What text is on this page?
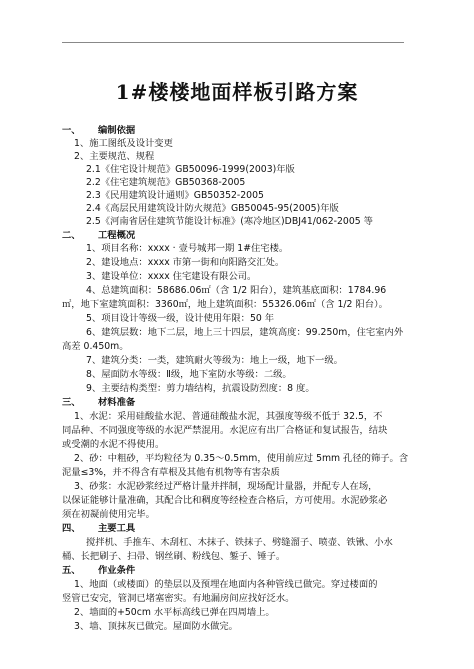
1#楼楼地面样板引路方案
一、 编制依据
1、施工图纸及设计变更
2、主要规范、规程
2.1《住宅设计规范》GB50096-1999(2003)年版
2.2《住宅建筑规范》GB50368-2005
2.3《民用建筑设计通则》GB50352-2005
2.4《高层民用建筑设计防火规范》GB50045-95(2005)年版
2.5《河南省居住建筑节能设计标准》(寒冷地区)DBJ41/062-2005 等
二、 工程概况
1、项目名称：xxxx · 壹号城邦一期 1#住宅楼。
2、建设地点：xxxx 市第一街和向阳路交汇处。
3、建设单位：xxxx 住宅建设有限公司。
4、总建筑面积：58686.06㎡（含 1/2 阳台），建筑基底面积：1784.96
㎡，地下室建筑面积：3360㎡，地上建筑面积：55326.06㎡（含 1/2 阳台）。
5、项目设计等级一级，设计使用年限：50 年
6、建筑层数：地下二层，地上三十四层，建筑高度：99.250m，住宅室内外
高差 0.450m。
7、建筑分类：一类，建筑耐火等级为：地上一级，地下一级。
8、屋面防水等级：Ⅱ级，地下室防水等级：二级。
9、主要结构类型：剪力墙结构，抗震设防烈度：8 度。
三、 材料准备
1、水泥：采用硅酸盐水泥、普通硅酸盐水泥，其强度等级不低于 32.5，不
同品种、不同强度等级的水泥严禁混用。水泥应有出厂合格证和复试报告，结块
或受潮的水泥不得使用。
2、砂：中粗砂，平均粒径为 0.35～0.5mm，使用前应过 5mm 孔径的筛子。含
泥量≤3%，并不得含有草根及其他有机物等有害杂质
3、砂浆：水泥砂浆经过严格计量并拌制，现场配计量器，并配专人在场，
以保证能够计量准确，其配合比和稠度等经检查合格后，方可使用。水泥砂浆必
须在初凝前使用完毕。
四、 主要工具
搅拌机、手推车、木刮杠、木抹子、铁抹子、劈缝溜子、喷壶、铁锹、小水
桶、长把刷子、扫帚、钢丝刷、粉线包、錾子、锤子。
五、 作业条件
1、地面（或楼面）的垫层以及预埋在地面内各种管线已做完。穿过楼面的
竖管已安完，管洞已堵塞密实。有地漏房间应找好泛水。
2、墙面的+50cm 水平标高线已弹在四周墙上。
3、墙、顶抹灰已做完。屋面防水做完。
